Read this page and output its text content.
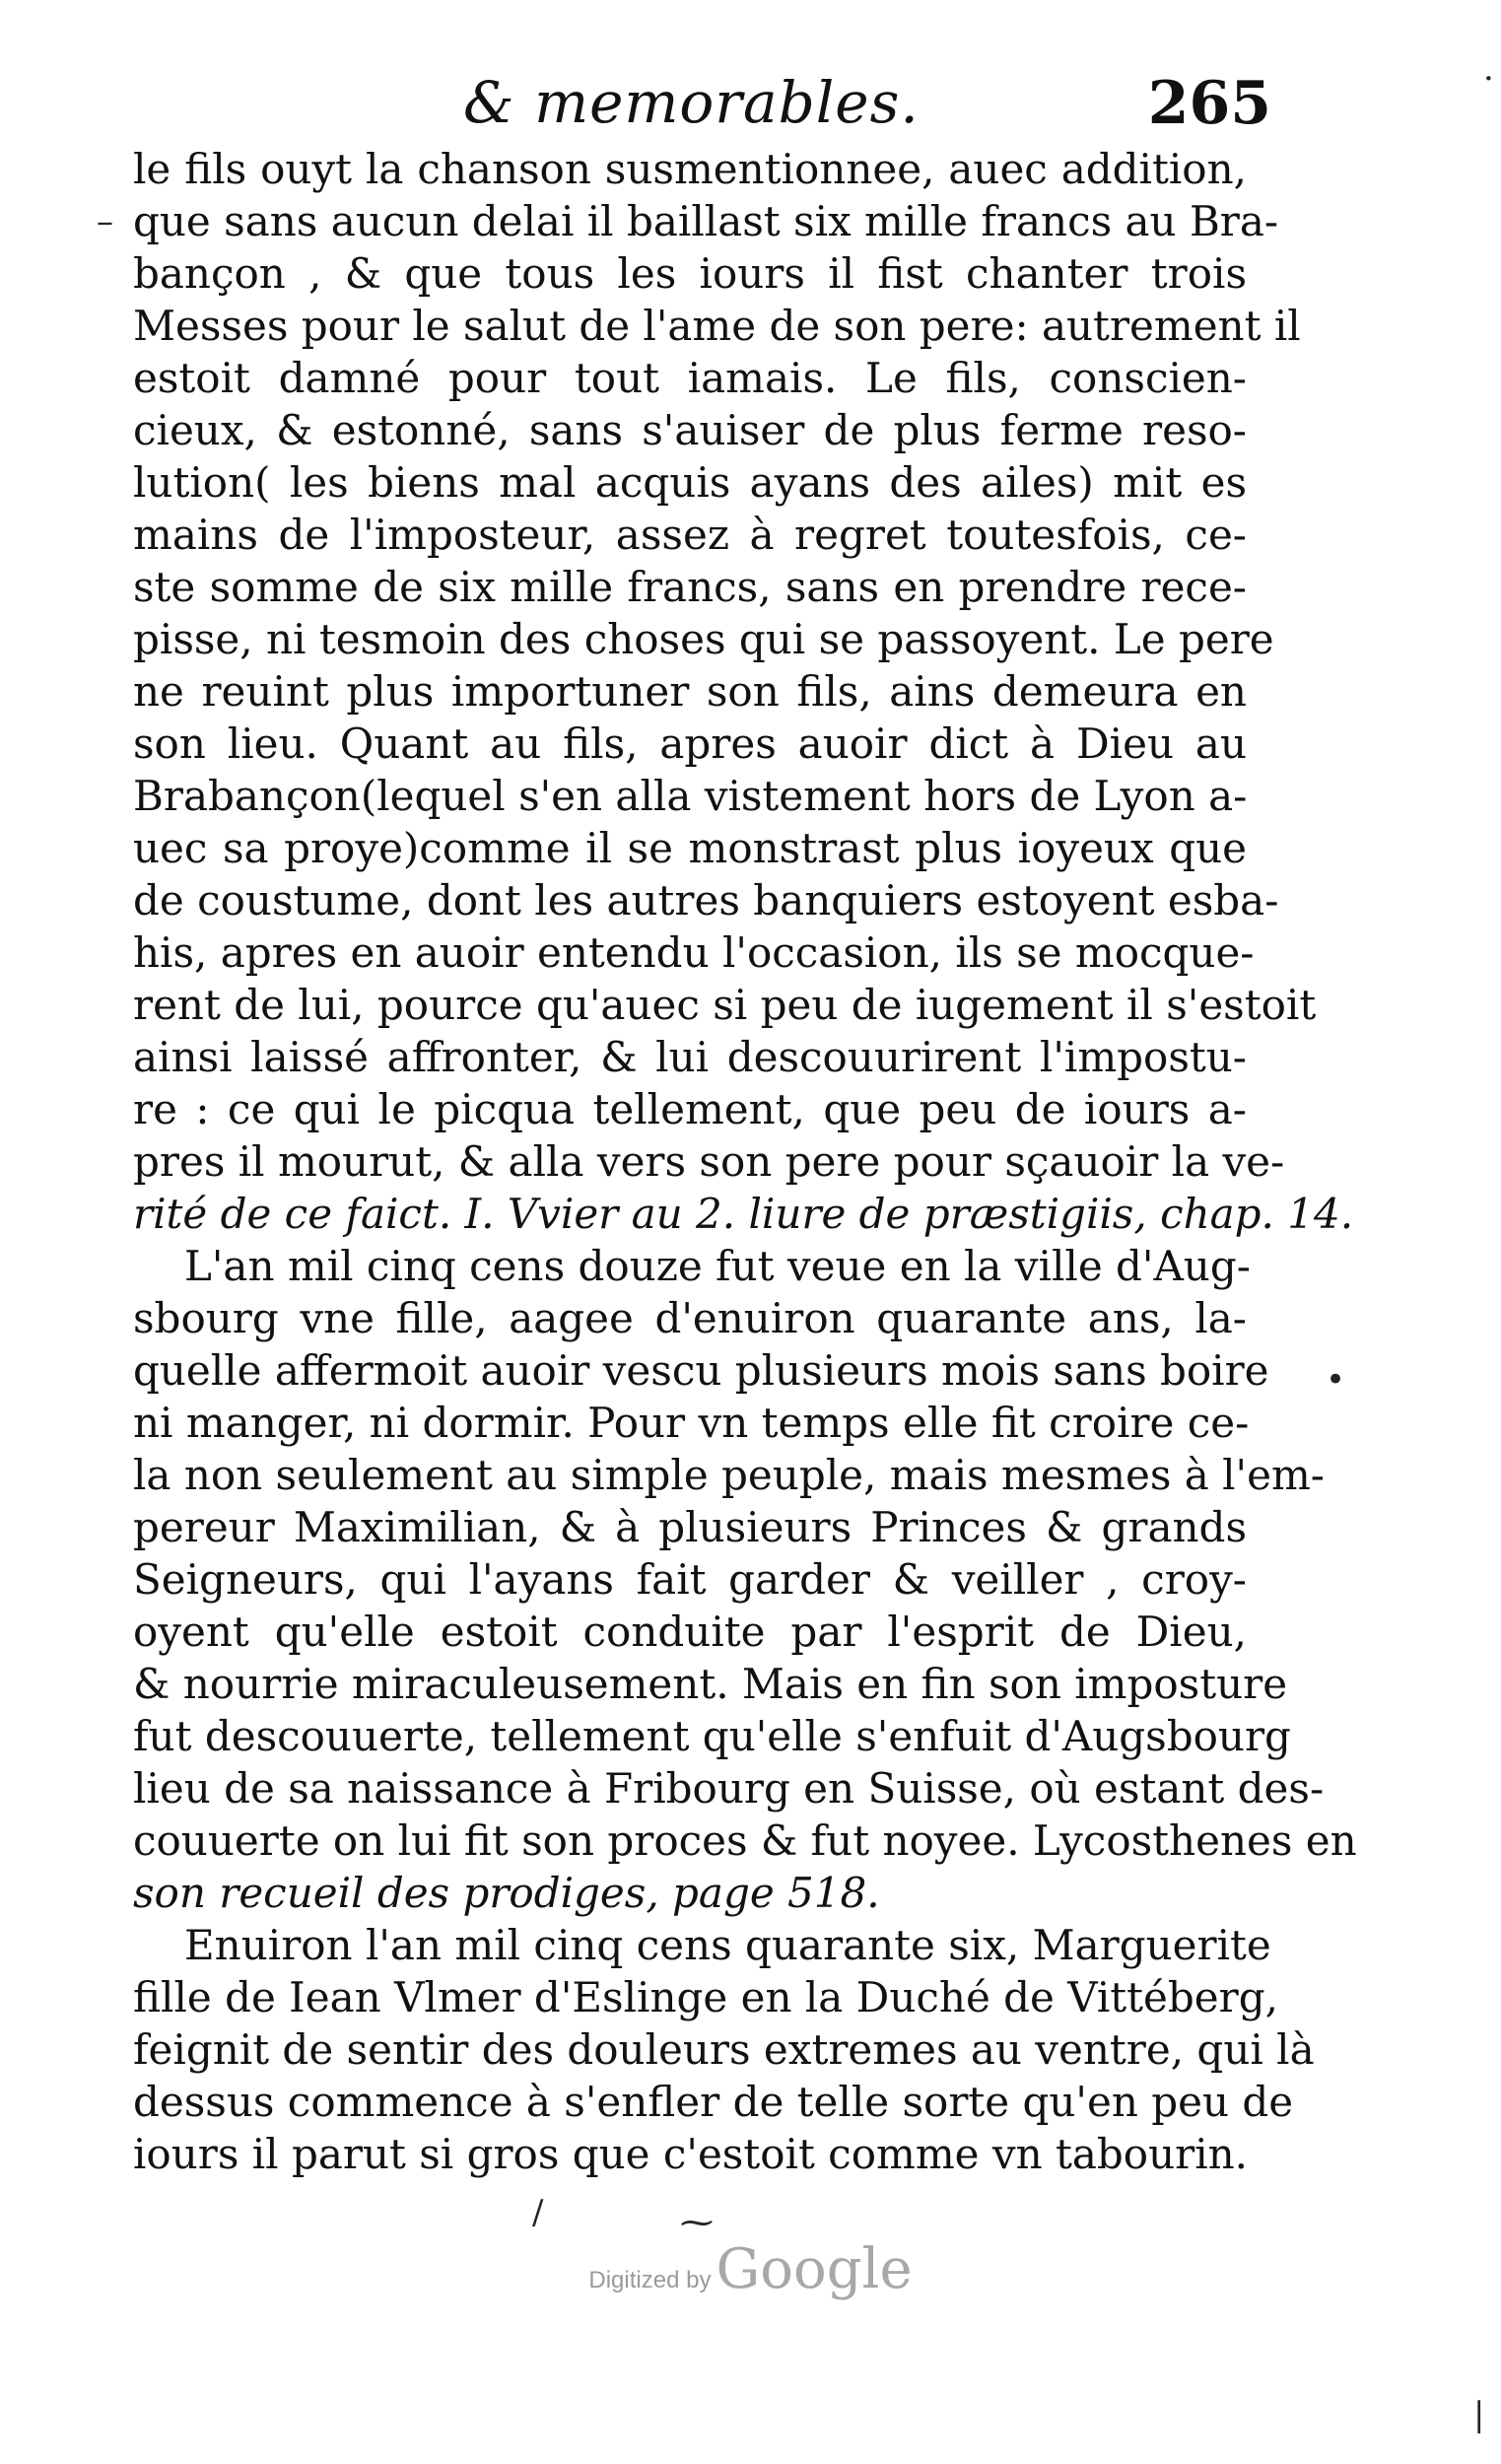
& memorables.	265
le fils ouyt la chanson susmentionnee, auec addition,
que sans aucun delai il baillast six mille francs au Bra-
bançon , & que tous les iours il fist chanter trois
Messes pour le salut de l'ame de son pere: autrement il
estoit damné pour tout iamais. Le fils, conscien-
cieux, & estonné, sans s'auiser de plus ferme reso-
lution( les biens mal acquis ayans des ailes) mit es
mains de l'imposteur, assez à regret toutesfois, ce-
ste somme de six mille francs, sans en prendre rece-
pisse, ni tesmoin des choses qui se passoyent. Le pere
ne reuint plus importuner son fils, ains demeura en
son lieu. Quant au fils, apres auoir dict à Dieu au
Brabançon(lequel s'en alla vistement hors de Lyon a-
uec sa proye)comme il se monstrast plus ioyeux que
de coustume, dont les autres banquiers estoyent esba-
his, apres en auoir entendu l'occasion, ils se mocque-
rent de lui, pource qu'auec si peu de iugement il s'estoit
ainsi laissé affronter, & lui descouurirent l'impostu-
re : ce qui le picqua tellement, que peu de iours a-
pres il mourut, & alla vers son pere pour sçauoir la ve-
rité de ce faict. I. Vvier au 2. liure de præstigiis, chap. 14.
L'an mil cinq cens douze fut veue en la ville d'Aug-
sbourg vne fille, aagee d'enuiron quarante ans, la-
quelle affermoit auoir vescu plusieurs mois sans boire
ni manger, ni dormir. Pour vn temps elle fit croire ce-
la non seulement au simple peuple, mais mesmes à l'em-
pereur Maximilian, & à plusieurs Princes & grands
Seigneurs, qui l'ayans fait garder & veiller , croy-
oyent qu'elle estoit conduite par l'esprit de Dieu,
& nourrie miraculeusement. Mais en fin son imposture
fut descouuerte, tellement qu'elle s'enfuit d'Augsbourg
lieu de sa naissance à Fribourg en Suisse, où estant des-
couuerte on lui fit son proces & fut noyee. Lycosthenes en
son recueil des prodiges, page 518.
Enuiron l'an mil cinq cens quarante six, Marguerite
fille de Iean Vlmer d'Eslinge en la Duché de Vittéberg,
feignit de sentir des douleurs extremes au ventre, qui là
dessus commence à s'enfler de telle sorte qu'en peu de
iours il parut si gros que c'estoit comme vn tabourin.
–
·
•
/	⁓
|
Digitized by Google
